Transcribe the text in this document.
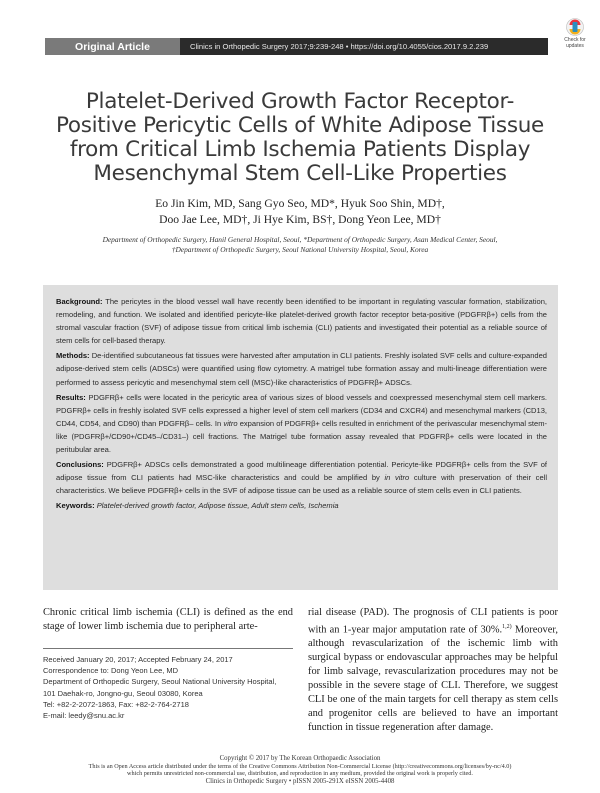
Original Article	Clinics in Orthopedic Surgery 2017;9:239-248 • https://doi.org/10.4055/cios.2017.9.2.239
Check for
updates
Platelet-Derived Growth Factor Receptor-
Positive Pericytic Cells of White Adipose Tissue
from Critical Limb Ischemia Patients Display
Mesenchymal Stem Cell-Like Properties
Eo Jin Kim, MD, Sang Gyo Seo, MD*, Hyuk Soo Shin, MD†,
Doo Jae Lee, MD†, Ji Hye Kim, BS†, Dong Yeon Lee, MD†
Department of Orthopedic Surgery, Hanil General Hospital, Seoul, *Department of Orthopedic Surgery, Asan Medical Center, Seoul,
†Department of Orthopedic Surgery, Seoul National University Hospital, Seoul, Korea

Background: The pericytes in the blood vessel wall have recently been identified to be important in regulating vascular formation, stabilization, remodeling, and function. We isolated and identified pericyte-like platelet-derived growth factor receptor beta-positive (PDGFRβ+) cells from the stromal vascular fraction (SVF) of adipose tissue from critical limb ischemia (CLI) patients and investigated their potential as a reliable source of stem cells for cell-based therapy.

Methods: De-identified subcutaneous fat tissues were harvested after amputation in CLI patients. Freshly isolated SVF cells and culture-expanded adipose-derived stem cells (ADSCs) were quantified using flow cytometry. A matrigel tube formation assay and multi-lineage differentiation were performed to assess pericytic and mesenchymal stem cell (MSC)-like characteristics of PDGFRβ+ ADSCs.

Results: PDGFRβ+ cells were located in the pericytic area of various sizes of blood vessels and coexpressed mesenchymal stem cell markers. PDGFRβ+ cells in freshly isolated SVF cells expressed a higher level of stem cell markers (CD34 and CXCR4) and mesenchymal markers (CD13, CD44, CD54, and CD90) than PDGFRβ– cells. In vitro expansion of PDGFRβ+ cells resulted in enrichment of the perivascular mesenchymal stem-like (PDGFRβ+/CD90+/CD45–/CD31–) cell fractions. The Matrigel tube formation assay revealed that PDGFRβ+ cells were located in the peritubular area.

Conclusions: PDGFRβ+ ADSCs cells demonstrated a good multilineage differentiation potential. Pericyte-like PDGFRβ+ cells from the SVF of adipose tissue from CLI patients had MSC-like characteristics and could be amplified by in vitro culture with preservation of their cell characteristics. We believe PDGFRβ+ cells in the SVF of adipose tissue can be used as a reliable source of stem cells even in CLI patients.

Keywords: Platelet-derived growth factor, Adipose tissue, Adult stem cells, Ischemia

Chronic critical limb ischemia (CLI) is defined as the end stage of lower limb ischemia due to peripheral arte-
rial disease (PAD). The prognosis of CLI patients is poor with an 1-year major amputation rate of 30%.$^{1,2)}$ Moreover, although revascularization of the ischemic limb with surgical bypass or endovascular approaches may be helpful for limb salvage, revascularization procedures may not be possible in the severe stage of CLI. Therefore, we suggest CLI be one of the main targets for cell therapy as stem cells and progenitor cells are believed to have an important function in tissue regeneration after damage.
Received January 20, 2017; Accepted February 24, 2017
Correspondence to: Dong Yeon Lee, MD
Department of Orthopedic Surgery, Seoul National University Hospital,
101 Daehak-ro, Jongno-gu, Seoul 03080, Korea
Tel: +82-2-2072-1863, Fax: +82-2-764-2718
E-mail: leedy@snu.ac.kr
Copyright © 2017 by The Korean Orthopaedic Association
This is an Open Access article distributed under the terms of the Creative Commons Attribution Non-Commercial License (http://creativecommons.org/licenses/by-nc/4.0)
which permits unrestricted non-commercial use, distribution, and reproduction in any medium, provided the original work is properly cited.
Clinics in Orthopedic Surgery • pISSN 2005-291X eISSN 2005-4408
